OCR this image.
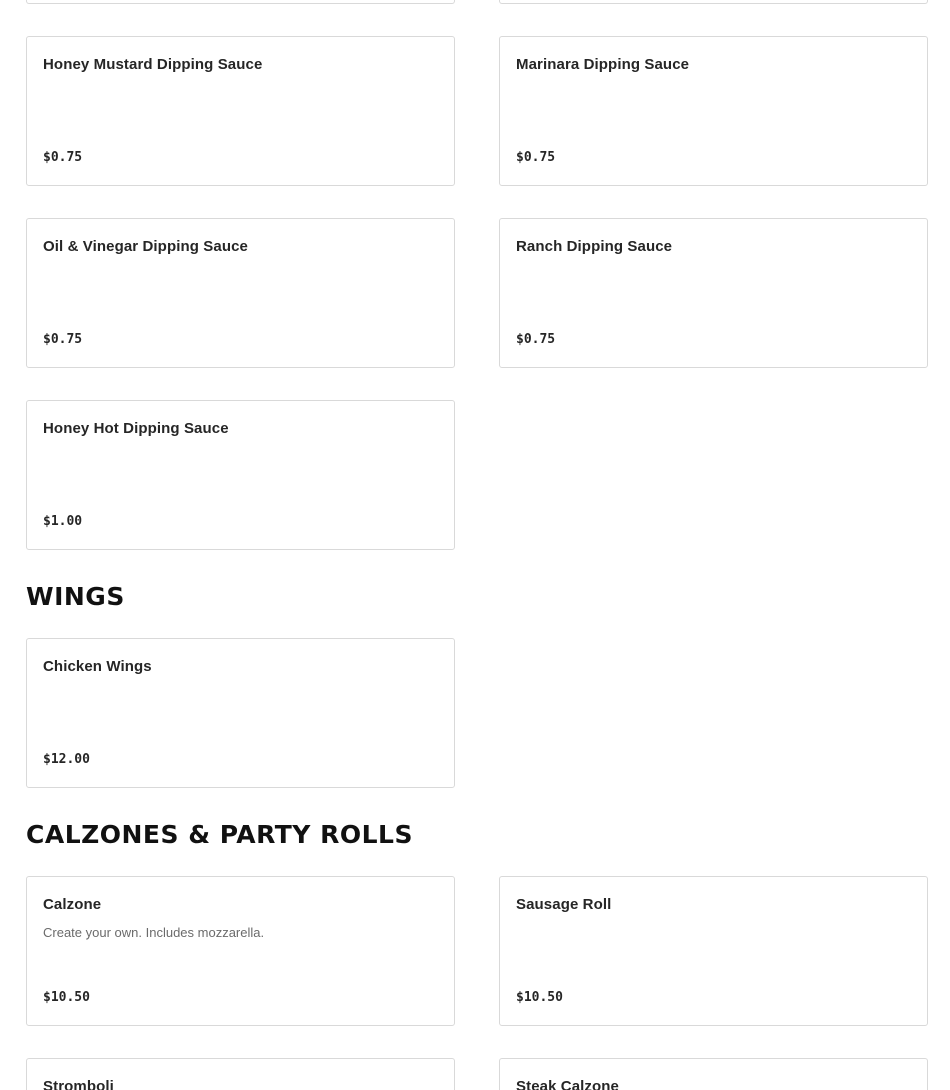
Honey Mustard Dipping Sauce
$0.75
Marinara Dipping Sauce
$0.75
Oil & Vinegar Dipping Sauce
$0.75
Ranch Dipping Sauce
$0.75
Honey Hot Dipping Sauce
$1.00
WINGS
Chicken Wings
$12.00
CALZONES & PARTY ROLLS
Calzone
Create your own. Includes mozzarella.
$10.50
Sausage Roll
$10.50
Stromboli	Steak Calzone
